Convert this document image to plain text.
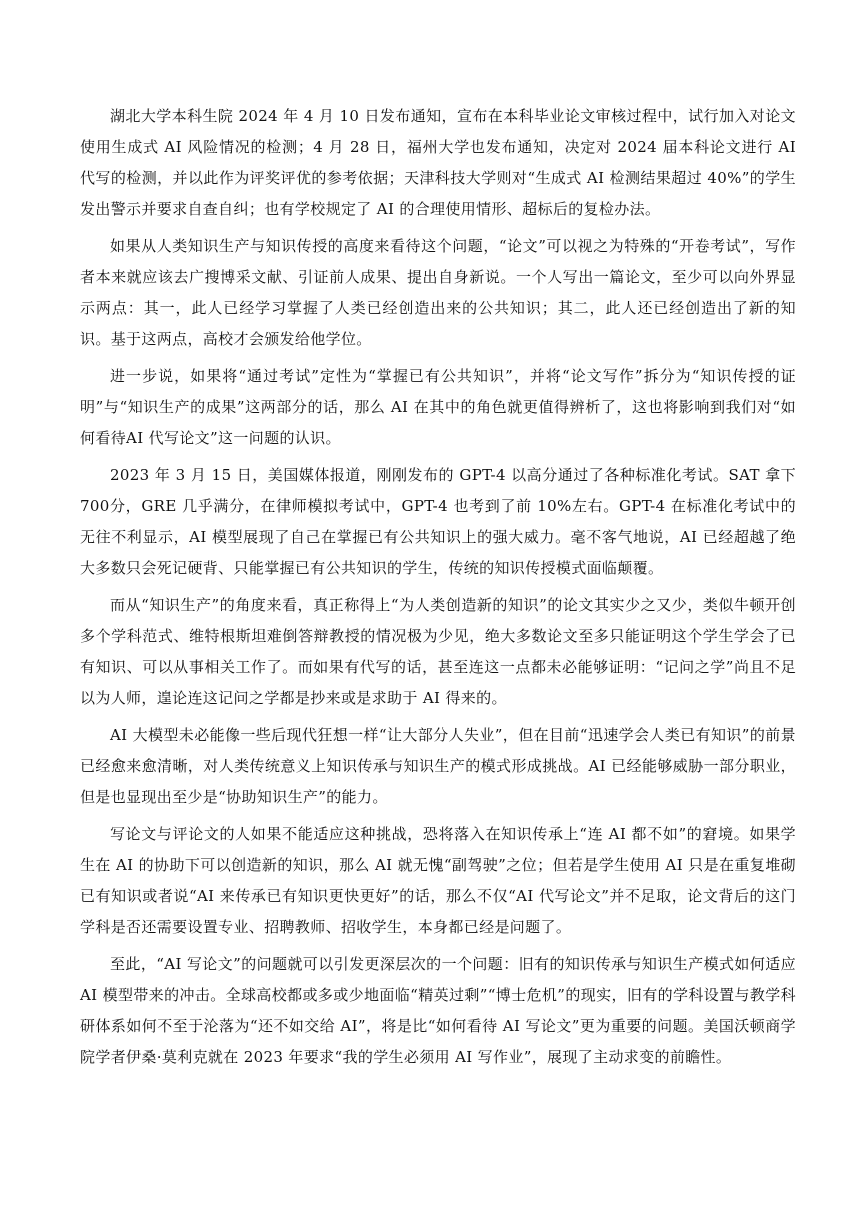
湖北大学本科生院 2024 年 4 月 10 日发布通知，宣布在本科毕业论文审核过程中，试行加入对论文使用生成式 AI 风险情况的检测；4 月 28 日，福州大学也发布通知，决定对 2024 届本科论文进行 AI 代写的检测，并以此作为评奖评优的参考依据；天津科技大学则对“生成式 AI 检测结果超过 40%”的学生发出警示并要求自查自纠；也有学校规定了 AI 的合理使用情形、超标后的复检办法。

如果从人类知识生产与知识传授的高度来看待这个问题，“论文”可以视之为特殊的“开卷考试”，写作者本来就应该去广搜博采文献、引证前人成果、提出自身新说。一个人写出一篇论文，至少可以向外界显示两点：其一，此人已经学习掌握了人类已经创造出来的公共知识；其二，此人还已经创造出了新的知识。基于这两点，高校才会颁发给他学位。

进一步说，如果将“通过考试”定性为“掌握已有公共知识”，并将“论文写作”拆分为“知识传授的证明”与“知识生产的成果”这两部分的话，那么 AI 在其中的角色就更值得辨析了，这也将影响到我们对“如何看待AI 代写论文”这一问题的认识。

2023 年 3 月 15 日，美国媒体报道，刚刚发布的 GPT-4 以高分通过了各种标准化考试。SAT 拿下 700分，GRE 几乎满分，在律师模拟考试中，GPT-4 也考到了前 10%左右。GPT-4 在标准化考试中的无往不利显示，AI 模型展现了自己在掌握已有公共知识上的强大威力。毫不客气地说，AI 已经超越了绝大多数只会死记硬背、只能掌握已有公共知识的学生，传统的知识传授模式面临颠覆。

而从“知识生产”的角度来看，真正称得上“为人类创造新的知识”的论文其实少之又少，类似牛顿开创多个学科范式、维特根斯坦难倒答辩教授的情况极为少见，绝大多数论文至多只能证明这个学生学会了已有知识、可以从事相关工作了。而如果有代写的话，甚至连这一点都未必能够证明：“记问之学”尚且不足以为人师，遑论连这记问之学都是抄来或是求助于 AI 得来的。

AI 大模型未必能像一些后现代狂想一样“让大部分人失业”，但在目前“迅速学会人类已有知识”的前景已经愈来愈清晰，对人类传统意义上知识传承与知识生产的模式形成挑战。AI 已经能够威胁一部分职业，但是也显现出至少是“协助知识生产”的能力。

写论文与评论文的人如果不能适应这种挑战，恐将落入在知识传承上“连 AI 都不如”的窘境。如果学生在 AI 的协助下可以创造新的知识，那么 AI 就无愧“副驾驶”之位；但若是学生使用 AI 只是在重复堆砌已有知识或者说“AI 来传承已有知识更快更好”的话，那么不仅“AI 代写论文”并不足取，论文背后的这门学科是否还需要设置专业、招聘教师、招收学生，本身都已经是问题了。

至此，“AI 写论文”的问题就可以引发更深层次的一个问题：旧有的知识传承与知识生产模式如何适应AI 模型带来的冲击。全球高校都或多或少地面临“精英过剩”“博士危机”的现实，旧有的学科设置与教学科研体系如何不至于沦落为“还不如交给 AI”，将是比“如何看待 AI 写论文”更为重要的问题。美国沃顿商学院学者伊桑·莫利克就在 2023 年要求“我的学生必须用 AI 写作业”，展现了主动求变的前瞻性。
